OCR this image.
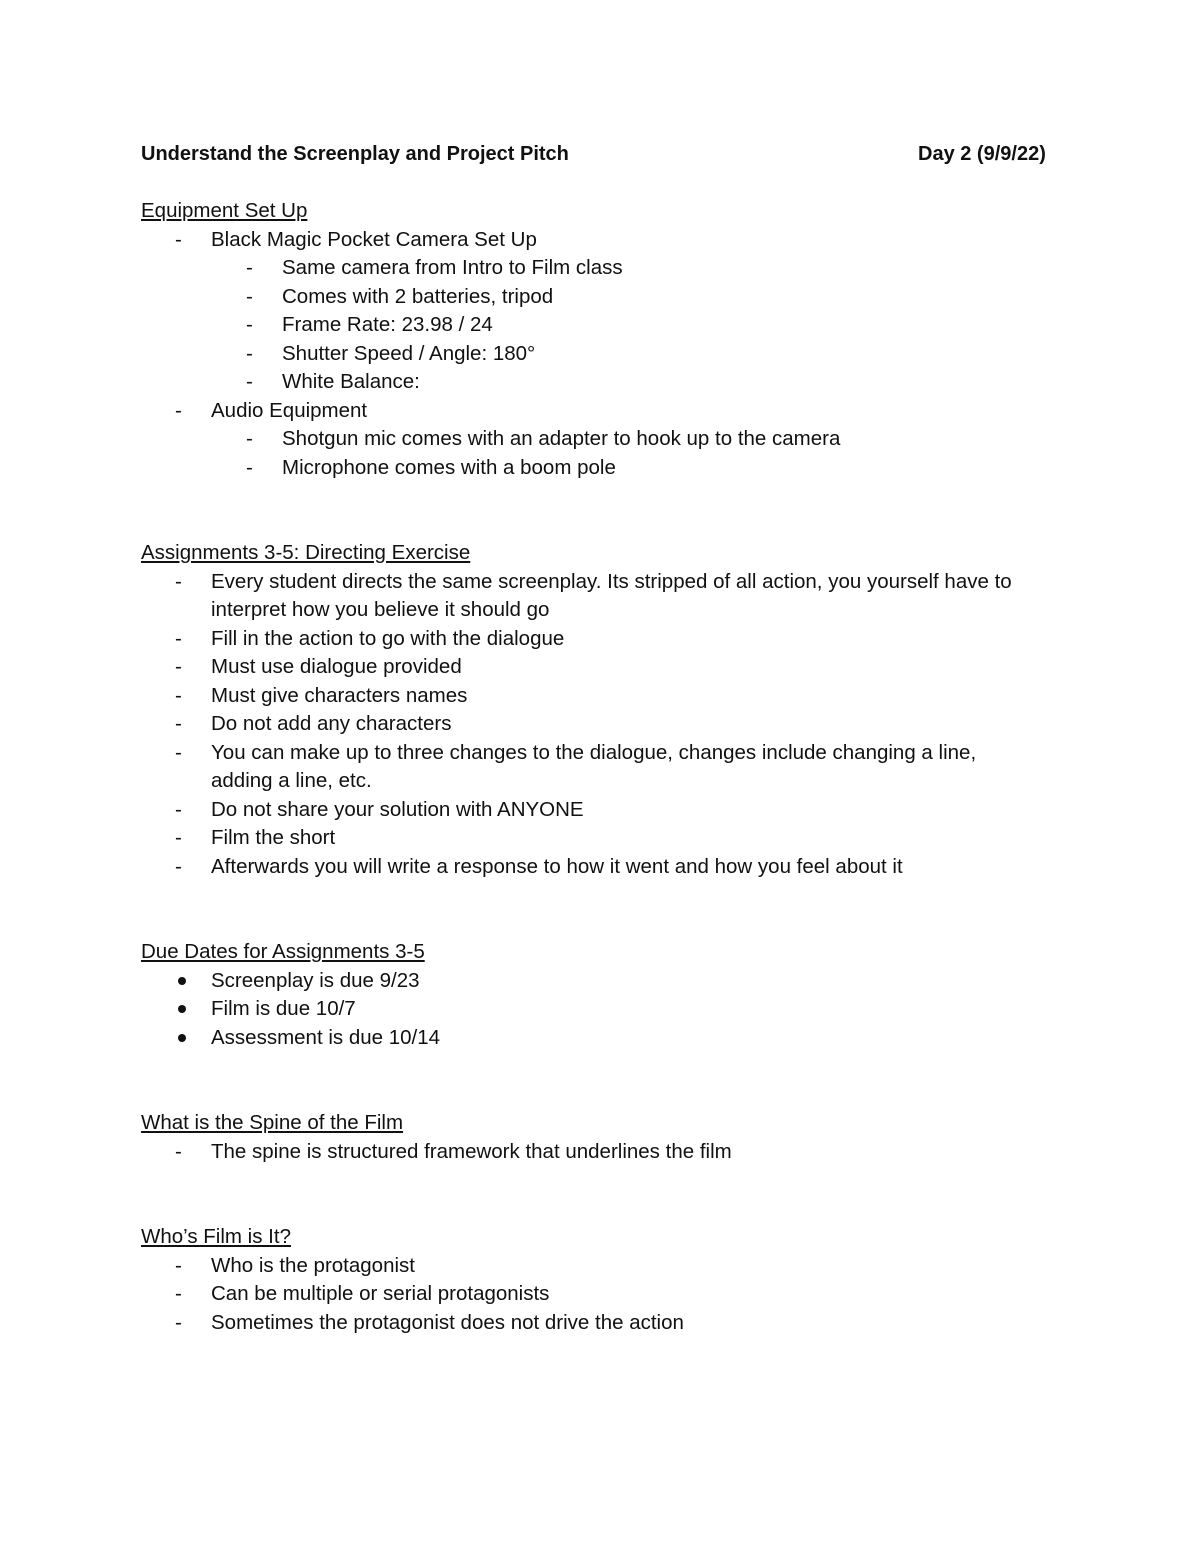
Understand the Screenplay and Project Pitch	Day 2 (9/9/22)
Equipment Set Up
- Black Magic Pocket Camera Set Up
- Same camera from Intro to Film class
- Comes with 2 batteries, tripod
- Frame Rate: 23.98 / 24
- Shutter Speed / Angle: 180°
- White Balance:
- Audio Equipment
- Shotgun mic comes with an adapter to hook up to the camera
- Microphone comes with a boom pole
Assignments 3-5: Directing Exercise
- Every student directs the same screenplay. Its stripped of all action, you yourself have to
interpret how you believe it should go
- Fill in the action to go with the dialogue
- Must use dialogue provided
- Must give characters names
- Do not add any characters
- You can make up to three changes to the dialogue, changes include changing a line,
adding a line, etc.
- Do not share your solution with ANYONE
- Film the short
- Afterwards you will write a response to how it went and how you feel about it
Due Dates for Assignments 3-5
Screenplay is due 9/23
Film is due 10/7
Assessment is due 10/14
What is the Spine of the Film
- The spine is structured framework that underlines the film
Who’s Film is It?
- Who is the protagonist
- Can be multiple or serial protagonists
- Sometimes the protagonist does not drive the action
